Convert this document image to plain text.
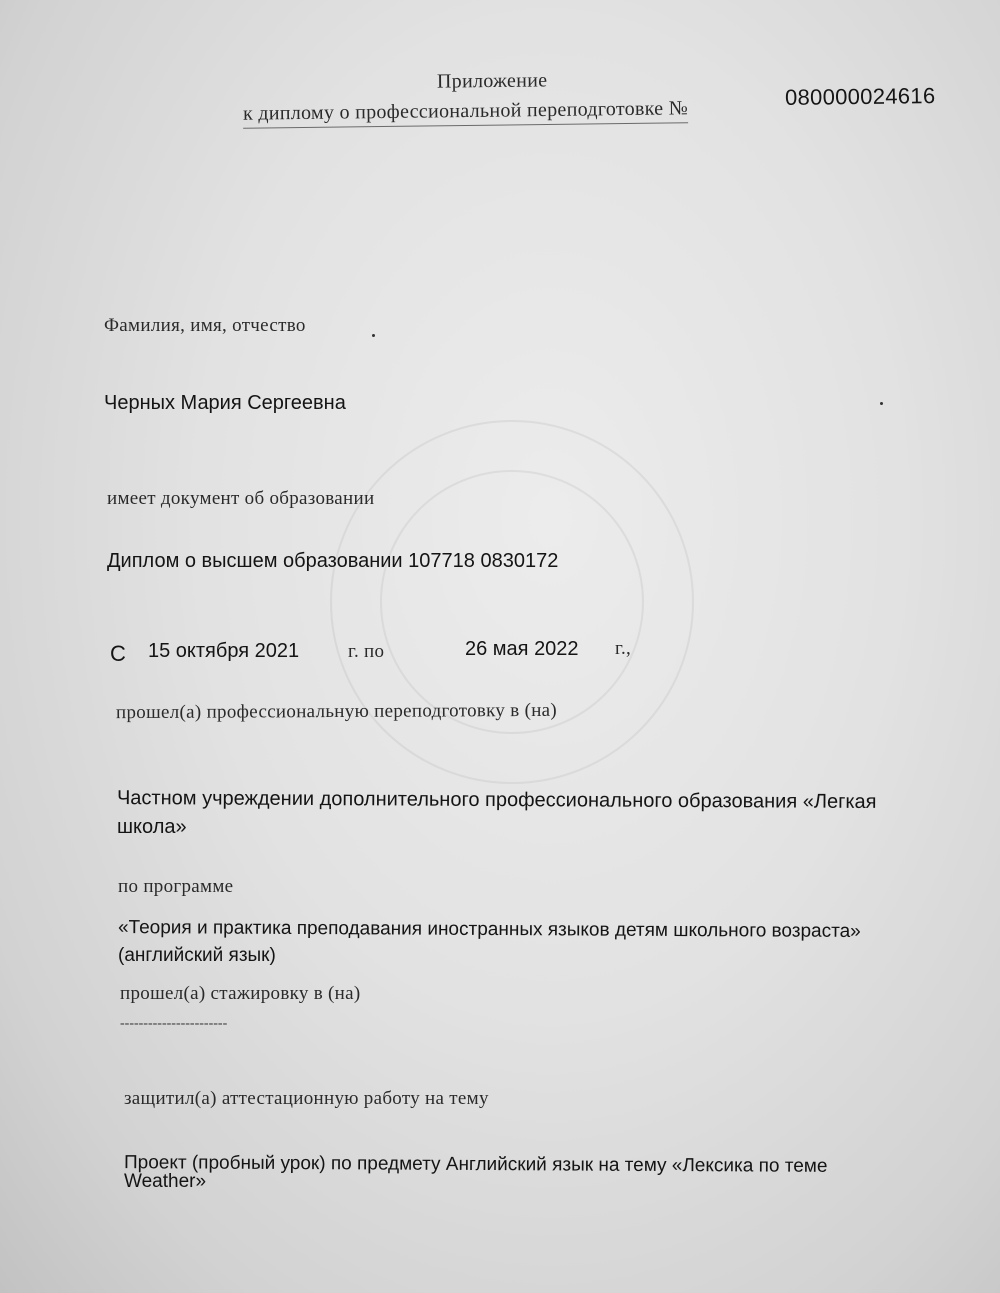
Приложение
к диплому о профессиональной переподготовке №
080000024616
Фамилия, имя, отчество
Черных Мария Сергеевна
имеет документ об образовании
Диплом о высшем образовании 107718 0830172
С 15 октября 2021	г. по	26 мая 2022 г.,
прошел(а) профессиональную переподготовку в (на)
Частном учреждении дополнительного профессионального образования «Легкая
школа»
по программе
«Теория и практика преподавания иностранных языков детям школьного возраста»
(английский язык)
прошел(а) стажировку в (на)
-----------------------
защитил(а) аттестационную работу на тему
Проект (пробный урок) по предмету Английский язык на тему «Лексика по теме
Weather»
